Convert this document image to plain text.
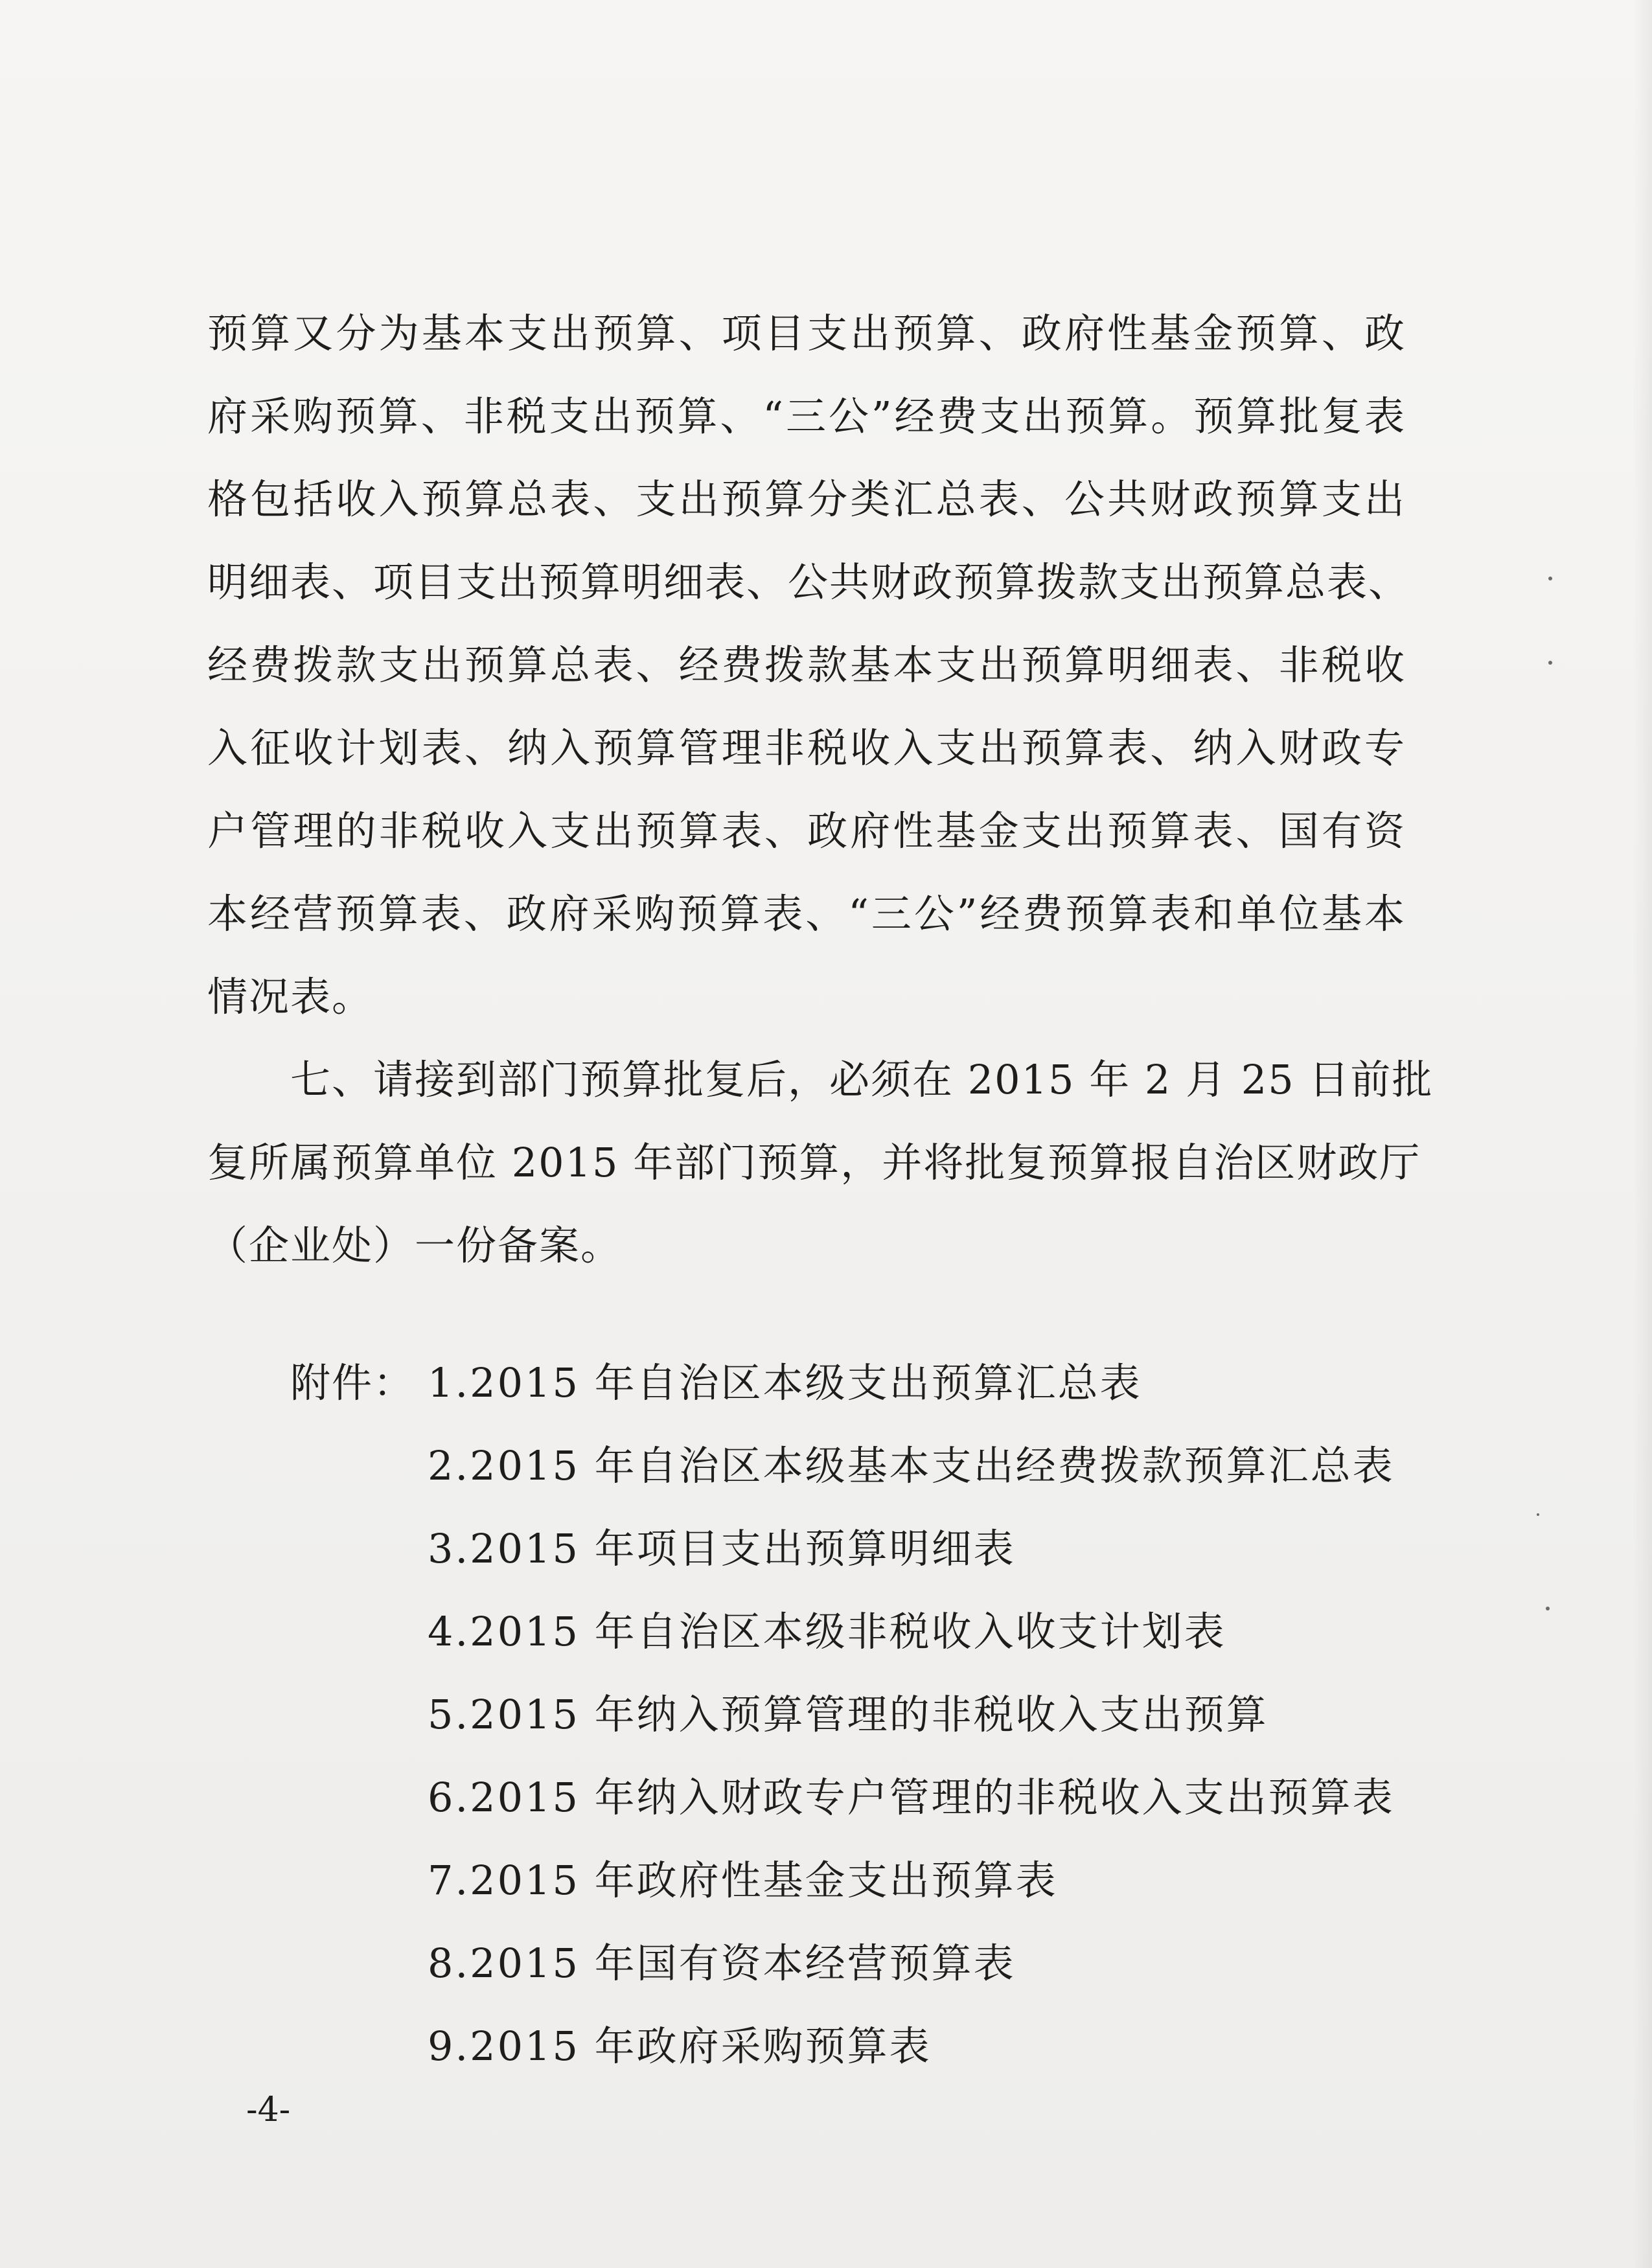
预算又分为基本支出预算、项目支出预算、政府性基金预算、政
府采购预算、非税支出预算、“三公”经费支出预算。预算批复表
格包括收入预算总表、支出预算分类汇总表、公共财政预算支出
明细表、项目支出预算明细表、公共财政预算拨款支出预算总表、
经费拨款支出预算总表、经费拨款基本支出预算明细表、非税收
入征收计划表、纳入预算管理非税收入支出预算表、纳入财政专
户管理的非税收入支出预算表、政府性基金支出预算表、国有资
本经营预算表、政府采购预算表、“三公”经费预算表和单位基本
情况表。
七、请接到部门预算批复后，必须在 2015 年 2 月 25 日前批
复所属预算单位 2015 年部门预算，并将批复预算报自治区财政厅
（企业处）一份备案。
附件： 1.2015 年自治区本级支出预算汇总表
2.2015 年自治区本级基本支出经费拨款预算汇总表
3.2015 年项目支出预算明细表
4.2015 年自治区本级非税收入收支计划表
5.2015 年纳入预算管理的非税收入支出预算
6.2015 年纳入财政专户管理的非税收入支出预算表
7.2015 年政府性基金支出预算表
8.2015 年国有资本经营预算表
9.2015 年政府采购预算表
-4-
